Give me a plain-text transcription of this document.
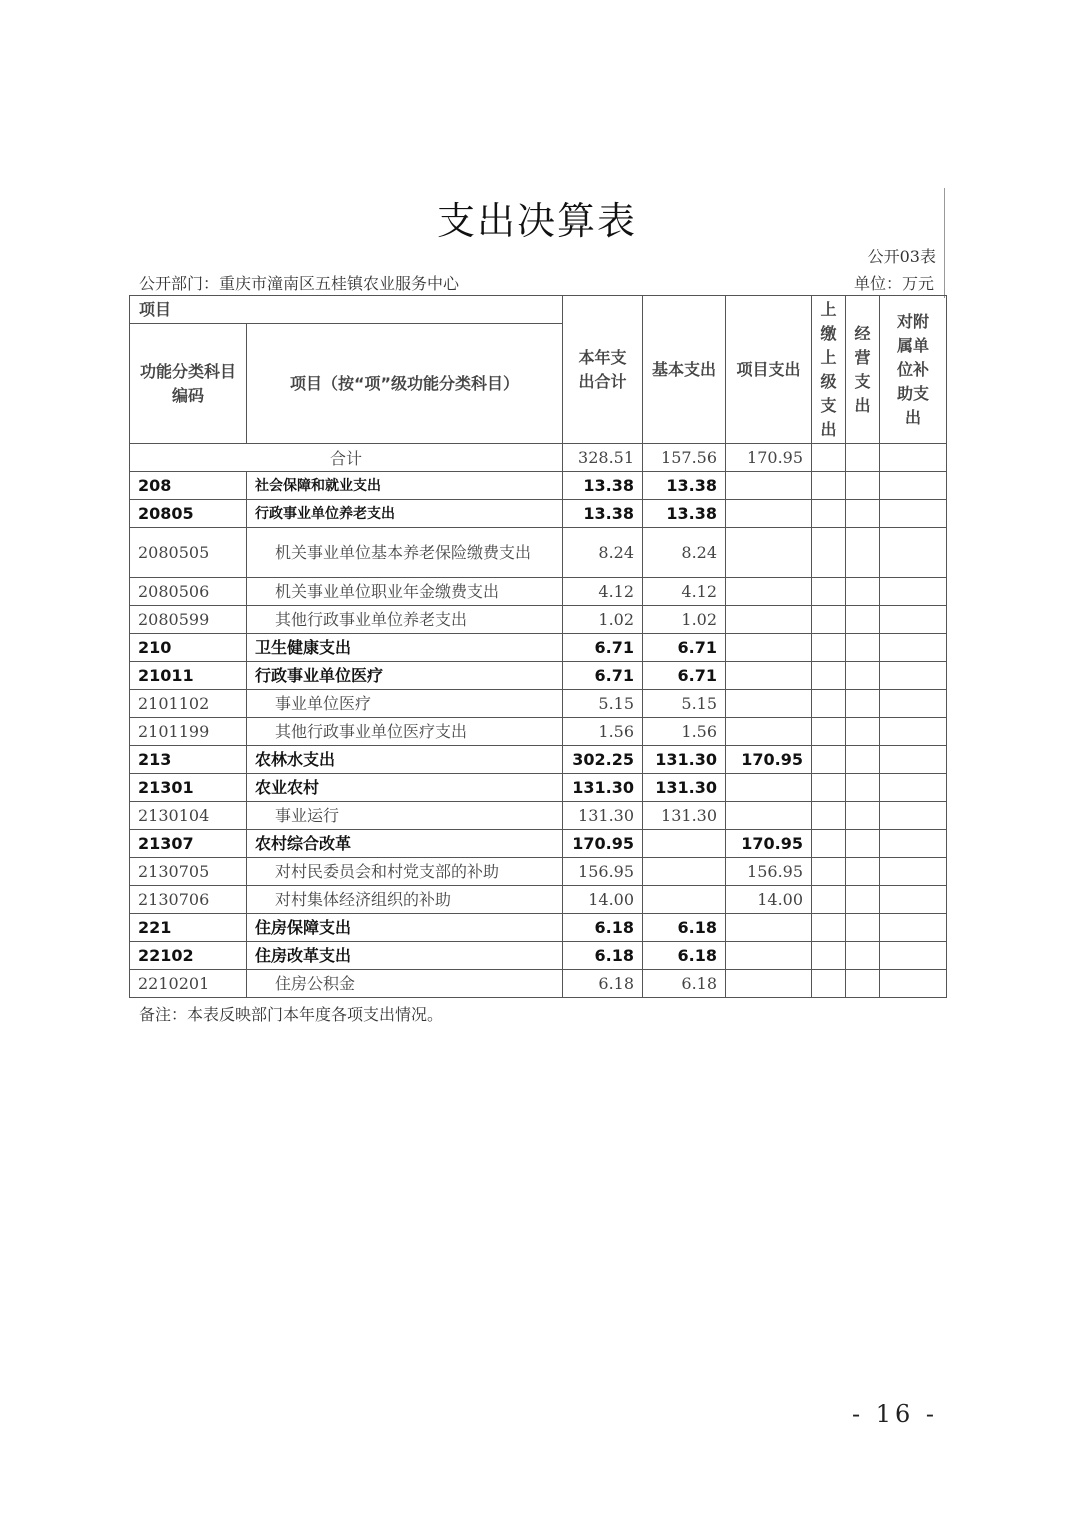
支出决算表
公开03表
公开部门：重庆市潼南区五桂镇农业服务中心	单位：万元
项目		本年支出合计	基本支出	项目支出	上缴上级支出	经营支出	对附属单位补助支出
功能分类科目编码	项目（按“项”级功能分类科目）						
合计		328.51	157.56	170.95			
208	社会保障和就业支出	13.38	13.38				
20805	行政事业单位养老支出	13.38	13.38				
2080505	机关事业单位基本养老保险缴费支出	8.24	8.24				
2080506	机关事业单位职业年金缴费支出	4.12	4.12				
2080599	其他行政事业单位养老支出	1.02	1.02				
210	卫生健康支出	6.71	6.71				
21011	行政事业单位医疗	6.71	6.71				
2101102	事业单位医疗	5.15	5.15				
2101199	其他行政事业单位医疗支出	1.56	1.56				
213	农林水支出	302.25	131.30	170.95			
21301	农业农村	131.30	131.30				
2130104	事业运行	131.30	131.30				
21307	农村综合改革	170.95		170.95			
2130705	对村民委员会和村党支部的补助	156.95		156.95			
2130706	对村集体经济组织的补助	14.00		14.00			
221	住房保障支出	6.18	6.18				
22102	住房改革支出	6.18	6.18				
2210201	住房公积金	6.18	6.18				
备注：本表反映部门本年度各项支出情况。
- 16 -
